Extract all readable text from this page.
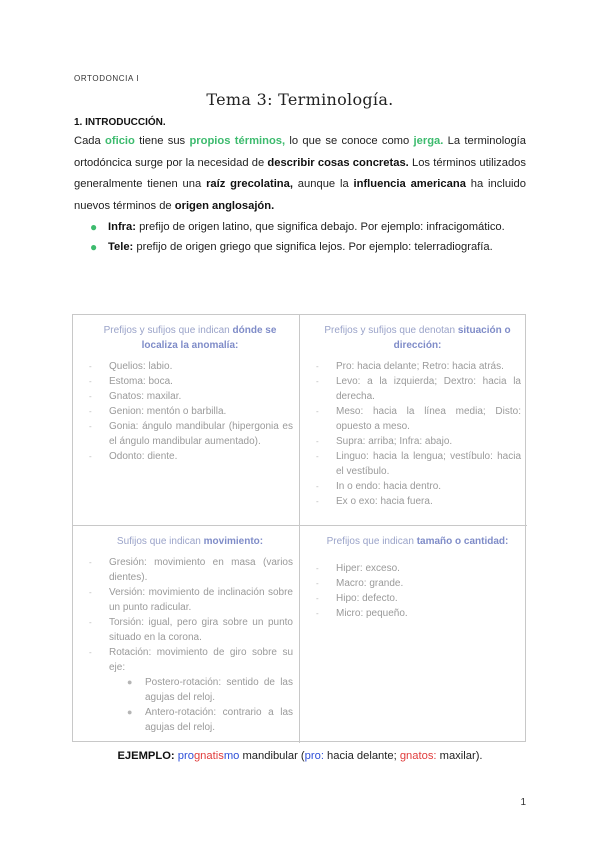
ORTODONCIA I
Tema 3: Terminología.
1. INTRODUCCIÓN.
Cada oficio tiene sus propios términos, lo que se conoce como jerga. La terminología ortodóncica surge por la necesidad de describir cosas concretas. Los términos utilizados generalmente tienen una raíz grecolatina, aunque la influencia americana ha incluido nuevos términos de origen anglosajón.
● Infra: prefijo de origen latino, que significa debajo. Por ejemplo: infracigomático.
● Tele: prefijo de origen griego que significa lejos. Por ejemplo: telerradiografía.
Prefijos y sufijos que indican dónde se localiza la anomalía:
- Quelios: labio.
- Estoma: boca.
- Gnatos: maxilar.
- Genion: mentón o barbilla.
- Gonia: ángulo mandibular (hipergonia es el ángulo mandibular aumentado).
- Odonto: diente.
Prefijos y sufijos que denotan situación o dirección:
- Pro: hacia delante; Retro: hacia atrás.
- Levo: a la izquierda; Dextro: hacia la derecha.
- Meso: hacia la línea media; Disto: opuesto a meso.
- Supra: arriba; Infra: abajo.
- Linguo: hacia la lengua; vestíbulo: hacia el vestíbulo.
- In o endo: hacia dentro.
- Ex o exo: hacia fuera.
Sufijos que indican movimiento:
- Gresión: movimiento en masa (varios dientes).
- Versión: movimiento de inclinación sobre un punto radicular.
- Torsión: igual, pero gira sobre un punto situado en la corona.
- Rotación: movimiento de giro sobre su eje:
● Postero-rotación: sentido de las agujas del reloj.
● Antero-rotación: contrario a las agujas del reloj.
Prefijos que indican tamaño o cantidad:
- Hiper: exceso.
- Macro: grande.
- Hipo: defecto.
- Micro: pequeño.
EJEMPLO: prognatismo mandibular (pro: hacia delante; gnatos: maxilar).
1
